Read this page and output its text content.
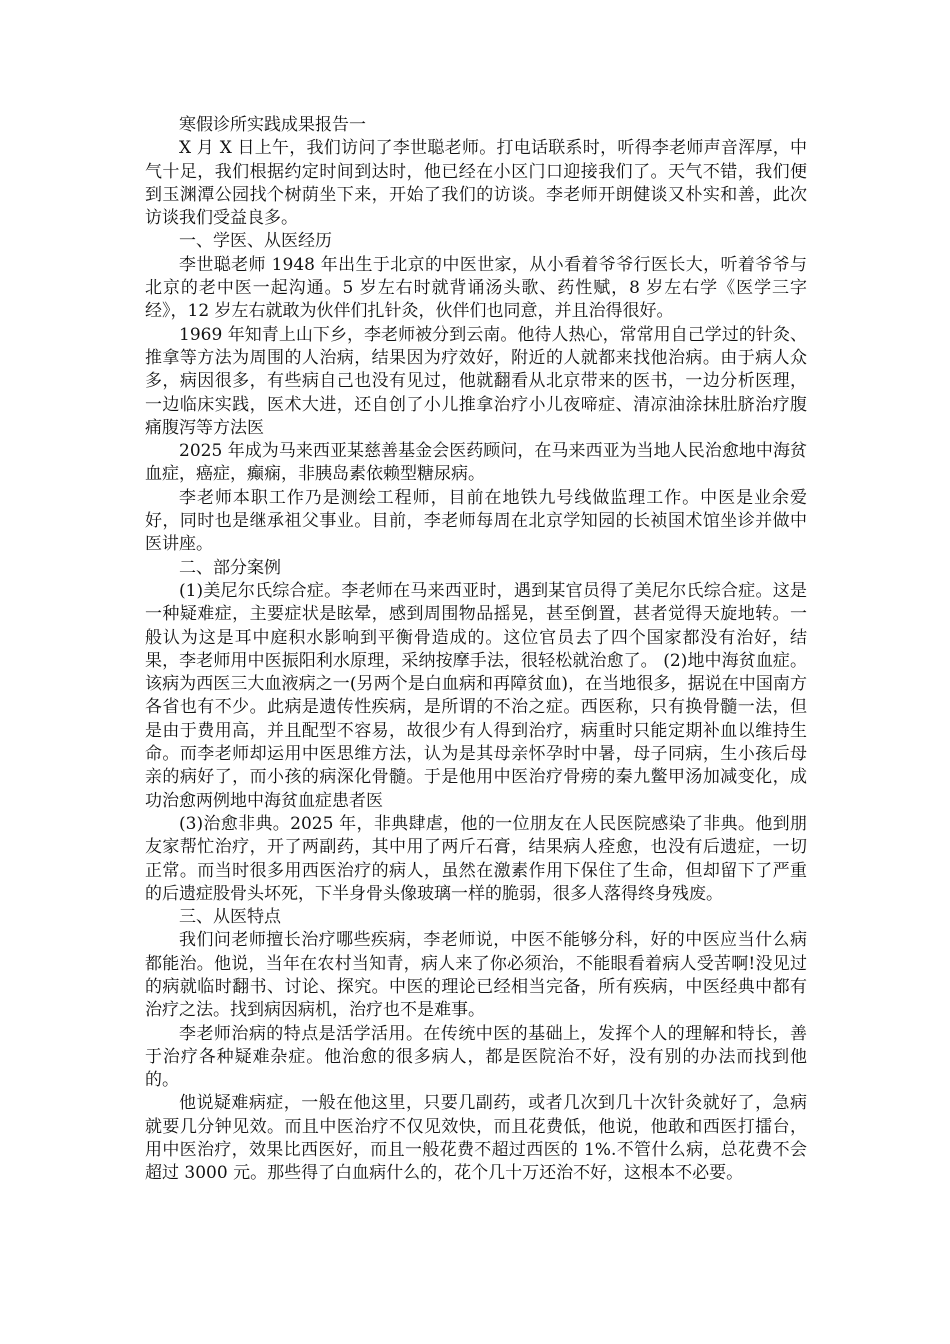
寒假诊所实践成果报告一

X 月 X 日上午，我们访问了李世聪老师。打电话联系时，听得李老师声音浑厚，中气十足，我们根据约定时间到达时，他已经在小区门口迎接我们了。天气不错，我们便到玉渊潭公园找个树荫坐下来，开始了我们的访谈。李老师开朗健谈又朴实和善，此次访谈我们受益良多。

一、学医、从医经历

李世聪老师 1948 年出生于北京的中医世家，从小看着爷爷行医长大，听着爷爷与北京的老中医一起沟通。5 岁左右时就背诵汤头歌、药性赋，8 岁左右学《医学三字经》，12 岁左右就敢为伙伴们扎针灸，伙伴们也同意，并且治得很好。

1969 年知青上山下乡，李老师被分到云南。他待人热心，常常用自己学过的针灸、推拿等方法为周围的人治病，结果因为疗效好，附近的人就都来找他治病。由于病人众多，病因很多，有些病自己也没有见过，他就翻看从北京带来的医书，一边分析医理，一边临床实践，医术大进，还自创了小儿推拿治疗小儿夜啼症、清凉油涂抹肚脐治疗腹痛腹泻等方法医

2025 年成为马来西亚某慈善基金会医药顾问，在马来西亚为当地人民治愈地中海贫血症，癌症，癫痫，非胰岛素依赖型糖尿病。

李老师本职工作乃是测绘工程师，目前在地铁九号线做监理工作。中医是业余爱好，同时也是继承祖父事业。目前，李老师每周在北京学知园的长祯国术馆坐诊并做中医讲座。

二、部分案例

(1)美尼尔氏综合症。李老师在马来西亚时，遇到某官员得了美尼尔氏综合症。这是一种疑难症，主要症状是眩晕，感到周围物品摇晃，甚至倒置，甚者觉得天旋地转。一般认为这是耳中庭积水影响到平衡骨造成的。这位官员去了四个国家都没有治好，结果，李老师用中医振阳利水原理，采纳按摩手法，很轻松就治愈了。 (2)地中海贫血症。该病为西医三大血液病之一(另两个是白血病和再障贫血)，在当地很多，据说在中国南方各省也有不少。此病是遗传性疾病，是所谓的不治之症。西医称，只有换骨髓一法，但是由于费用高，并且配型不容易，故很少有人得到治疗，病重时只能定期补血以维持生命。而李老师却运用中医思维方法，认为是其母亲怀孕时中暑，母子同病，生小孩后母亲的病好了，而小孩的病深化骨髓。于是他用中医治疗骨痨的秦九鳖甲汤加减变化，成功治愈两例地中海贫血症患者医

(3)治愈非典。2025 年，非典肆虐，他的一位朋友在人民医院感染了非典。他到朋友家帮忙治疗，开了两副药，其中用了两斤石膏，结果病人痊愈，也没有后遗症，一切正常。而当时很多用西医治疗的病人，虽然在激素作用下保住了生命，但却留下了严重的后遗症股骨头坏死，下半身骨头像玻璃一样的脆弱，很多人落得终身残废。

三、从医特点

我们问老师擅长治疗哪些疾病，李老师说，中医不能够分科，好的中医应当什么病都能治。他说，当年在农村当知青，病人来了你必须治，不能眼看着病人受苦啊!没见过的病就临时翻书、讨论、探究。中医的理论已经相当完备，所有疾病，中医经典中都有治疗之法。找到病因病机，治疗也不是难事。

李老师治病的特点是活学活用。在传统中医的基础上，发挥个人的理解和特长，善于治疗各种疑难杂症。他治愈的很多病人，都是医院治不好，没有别的办法而找到他的。

他说疑难病症，一般在他这里，只要几副药，或者几次到几十次针灸就好了，急病就要几分钟见效。而且中医治疗不仅见效快，而且花费低，他说，他敢和西医打擂台，用中医治疗，效果比西医好，而且一般花费不超过西医的 1%.不管什么病，总花费不会超过 3000 元。那些得了白血病什么的，花个几十万还治不好，这根本不必要。
